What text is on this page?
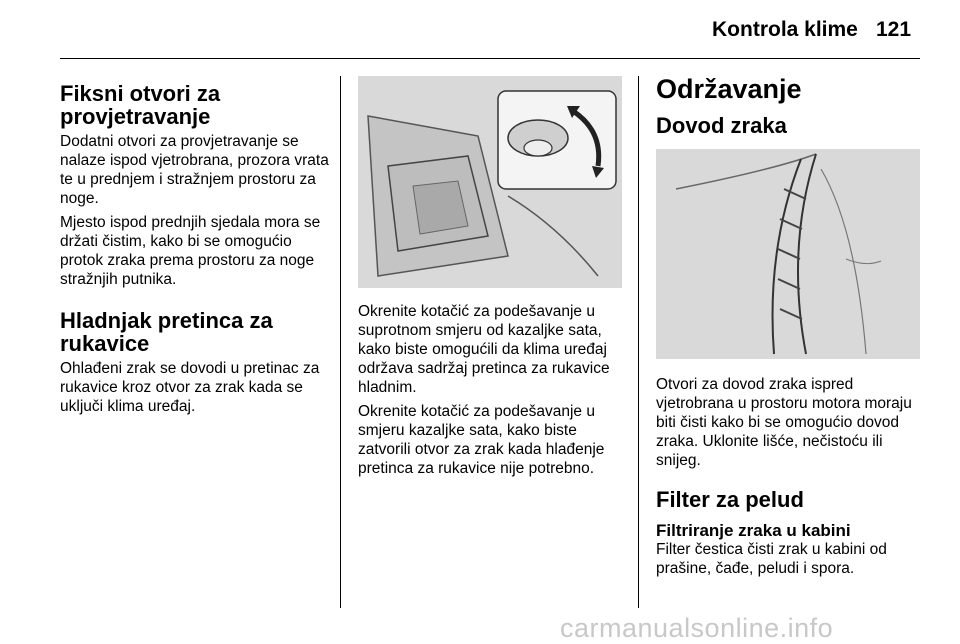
Kontrola klime 121
Fiksni otvori za provjetravanje

Dodatni otvori za provjetravanje se nalaze ispod vjetrobrana, prozora vrata te u prednjem i stražnjem prostoru za noge.

Mjesto ispod prednjih sjedala mora se držati čistim, kako bi se omogućio protok zraka prema prostoru za noge stražnjih putnika.

Hladnjak pretinca za rukavice

Ohlađeni zrak se dovodi u pretinac za rukavice kroz otvor za zrak kada se uključi klima uređaj.

Okrenite kotačić za podešavanje u suprotnom smjeru od kazaljke sata, kako biste omogućili da klima uređaj održava sadržaj pretinca za rukavice hladnim.

Okrenite kotačić za podešavanje u smjeru kazaljke sata, kako biste zatvorili otvor za zrak kada hlađenje pretinca za rukavice nije potrebno.

Održavanje
Dovod zraka

Otvori za dovod zraka ispred vjetrobrana u prostoru motora moraju biti čisti kako bi se omogućio dovod zraka. Uklonite lišće, nečistoću ili snijeg.

Filter za pelud
Filtriranje zraka u kabini

Filter čestica čisti zrak u kabini od prašine, čađe, peludi i spora.

carmanualsonline.info
